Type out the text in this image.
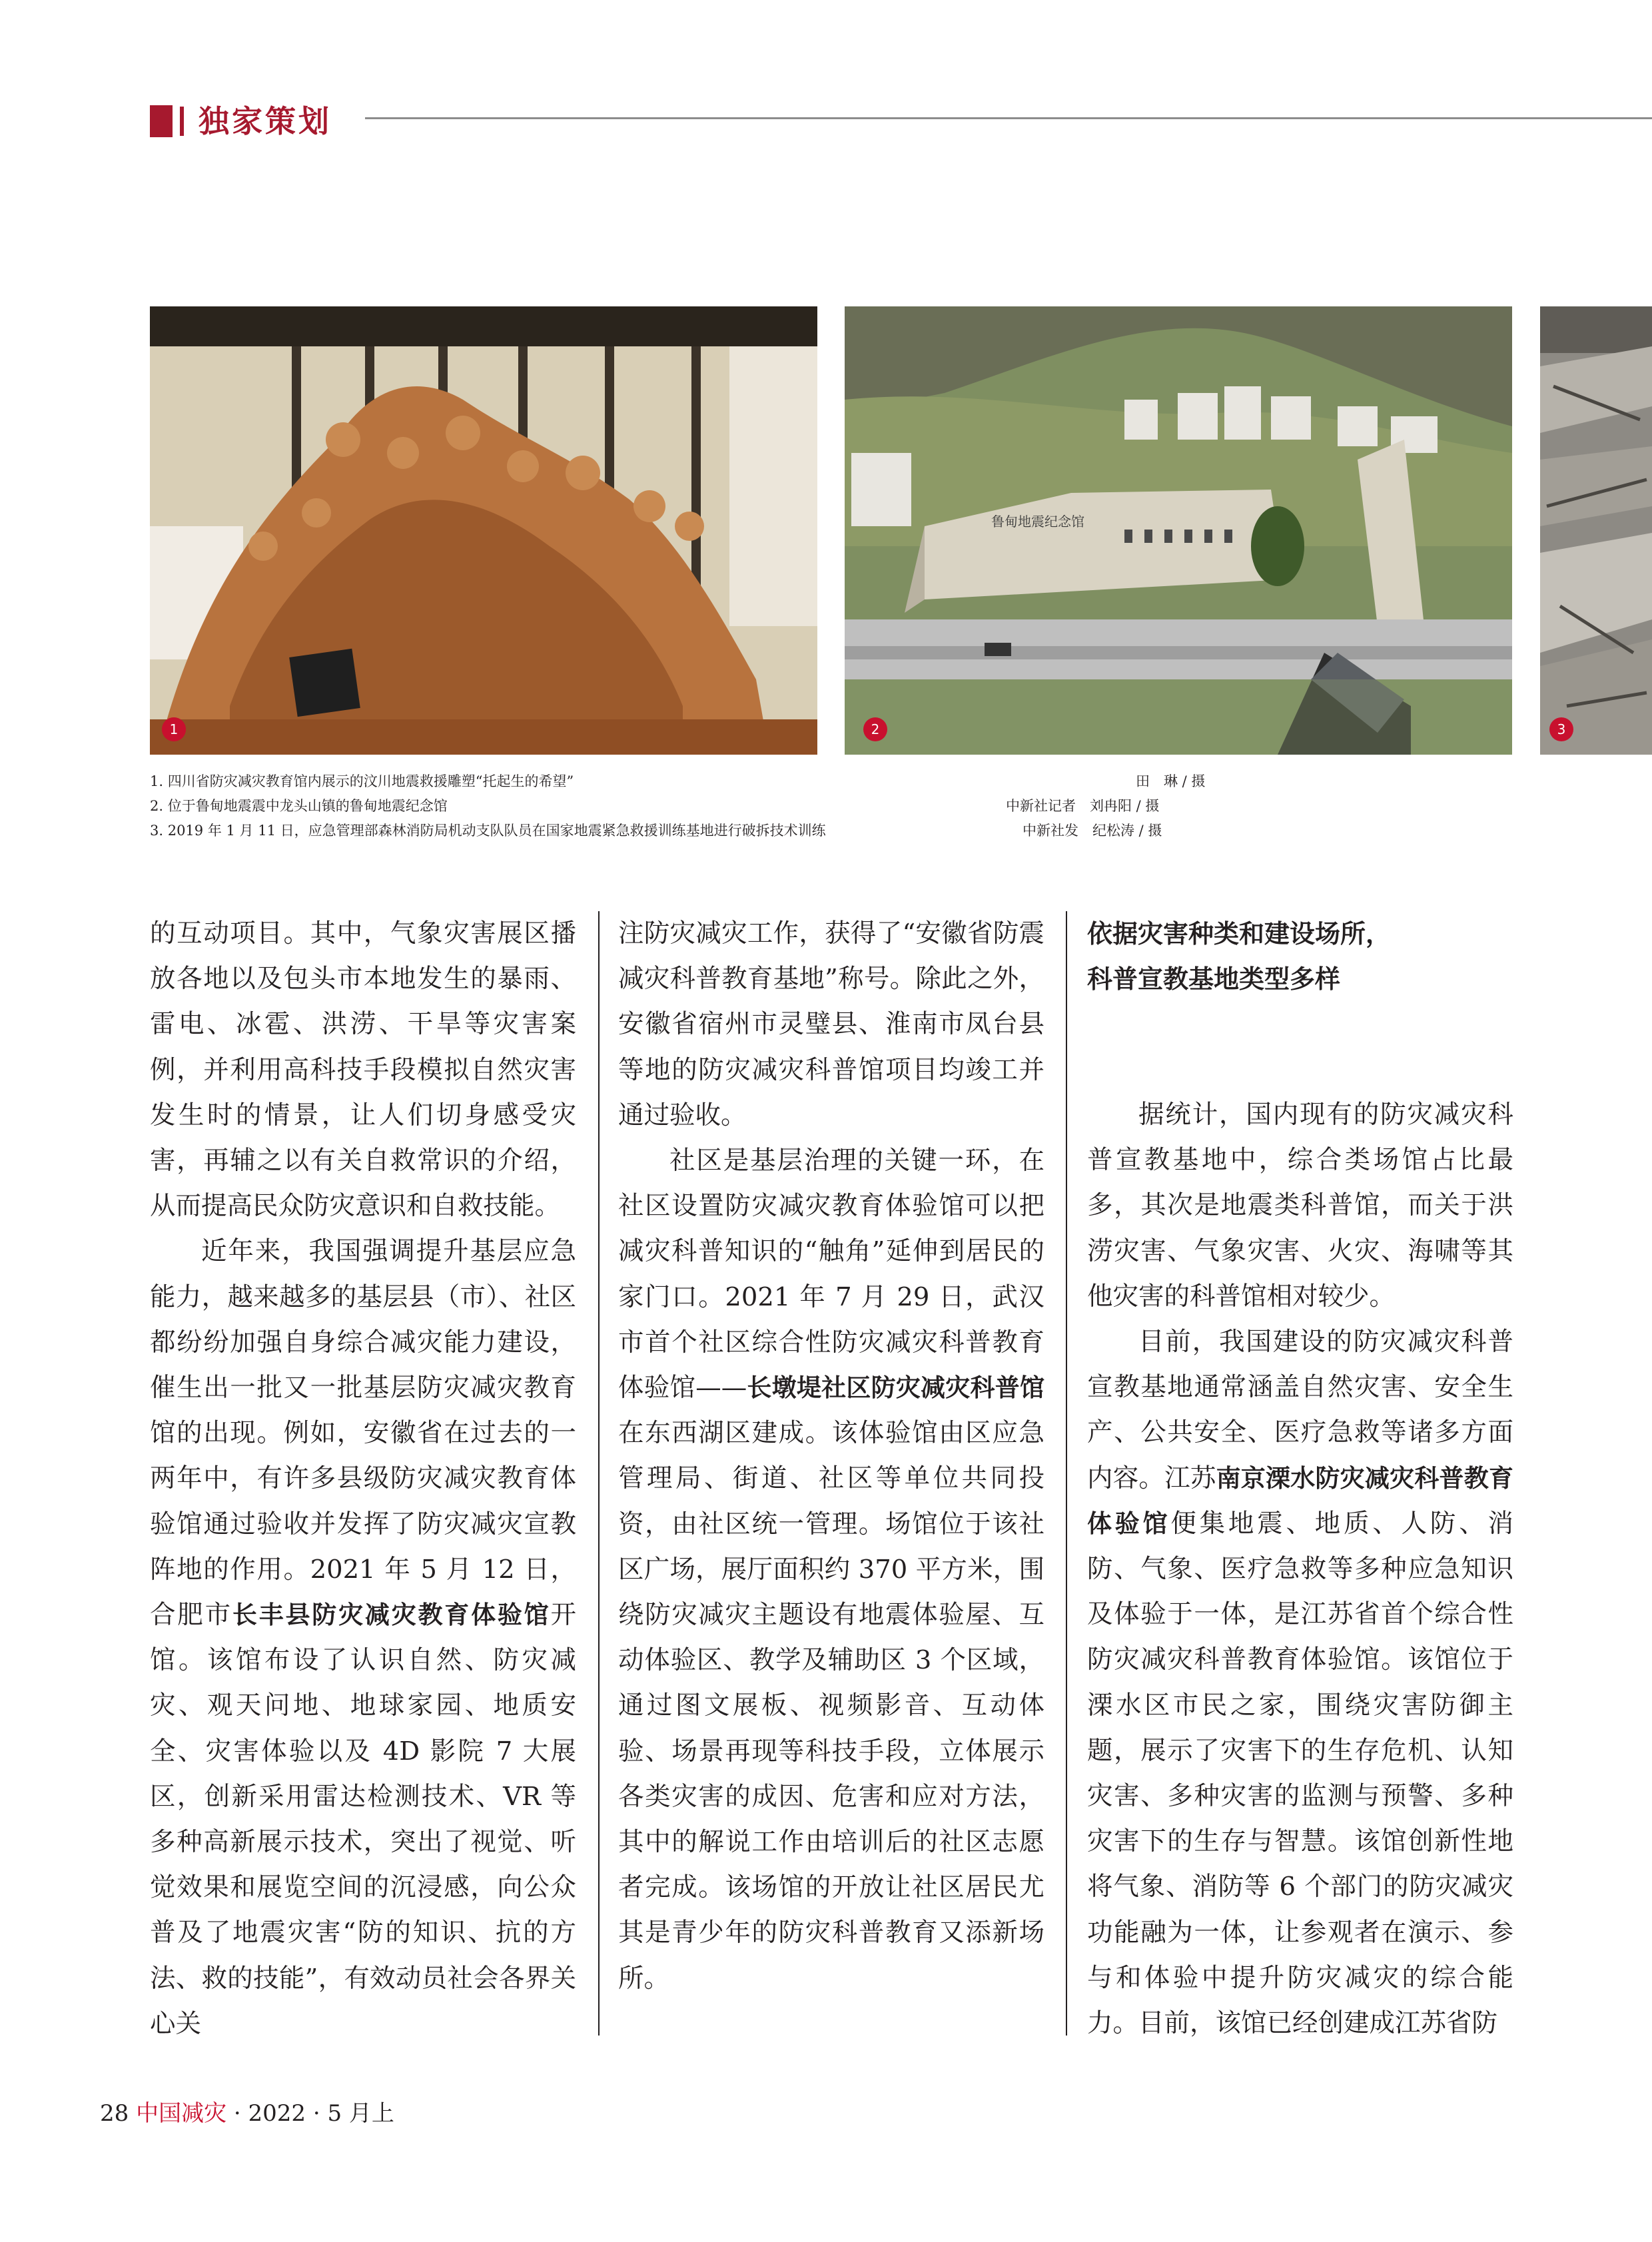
独家策划
1
鲁甸地震纪念馆
2	3
1. 四川省防灾减灾教育馆内展示的汶川地震救援雕塑“托起生的希望”	田　琳 / 摄
2. 位于鲁甸地震震中龙头山镇的鲁甸地震纪念馆	中新社记者　刘冉阳 / 摄
3. 2019 年 1 月 11 日，应急管理部森林消防局机动支队队员在国家地震紧急救援训练基地进行破拆技术训练	中新社发　纪松涛 / 摄

的互动项目。其中，气象灾害展区播放各地以及包头市本地发生的暴雨、雷电、冰雹、洪涝、干旱等灾害案例，并利用高科技手段模拟自然灾害发生时的情景，让人们切身感受灾害，再辅之以有关自救常识的介绍，从而提高民众防灾意识和自救技能。

近年来，我国强调提升基层应急能力，越来越多的基层县（市）、社区都纷纷加强自身综合减灾能力建设，催生出一批又一批基层防灾减灾教育馆的出现。例如，安徽省在过去的一两年中，有许多县级防灾减灾教育体验馆通过验收并发挥了防灾减灾宣教阵地的作用。2021 年 5 月 12 日，合肥市长丰县防灾减灾教育体验馆开馆。该馆布设了认识自然、防灾减灾、观天问地、地球家园、地质安全、灾害体验以及 4D 影院 7 大展区，创新采用雷达检测技术、VR 等多种高新展示技术，突出了视觉、听觉效果和展览空间的沉浸感，向公众普及了地震灾害“防的知识、抗的方法、救的技能”，有效动员社会各界关心关

注防灾减灾工作，获得了“安徽省防震减灾科普教育基地”称号。除此之外，安徽省宿州市灵璧县、淮南市凤台县等地的防灾减灾科普馆项目均竣工并通过验收。

社区是基层治理的关键一环，在社区设置防灾减灾教育体验馆可以把减灾科普知识的“触角”延伸到居民的家门口。2021 年 7 月 29 日，武汉市首个社区综合性防灾减灾科普教育体验馆——长墩堤社区防灾减灾科普馆在东西湖区建成。该体验馆由区应急管理局、街道、社区等单位共同投资，由社区统一管理。场馆位于该社区广场，展厅面积约 370 平方米，围绕防灾减灾主题设有地震体验屋、互动体验区、教学及辅助区 3 个区域，通过图文展板、视频影音、互动体验、场景再现等科技手段，立体展示各类灾害的成因、危害和应对方法，其中的解说工作由培训后的社区志愿者完成。该场馆的开放让社区居民尤其是青少年的防灾科普教育又添新场所。

依据灾害种类和建设场所，
科普宣教基地类型多样

据统计，国内现有的防灾减灾科普宣教基地中，综合类场馆占比最多，其次是地震类科普馆，而关于洪涝灾害、气象灾害、火灾、海啸等其他灾害的科普馆相对较少。

目前，我国建设的防灾减灾科普宣教基地通常涵盖自然灾害、安全生产、公共安全、医疗急救等诸多方面内容。江苏南京溧水防灾减灾科普教育体验馆便集地震、地质、人防、消防、气象、医疗急救等多种应急知识及体验于一体，是江苏省首个综合性防灾减灾科普教育体验馆。该馆位于溧水区市民之家，围绕灾害防御主题，展示了灾害下的生存危机、认知灾害、多种灾害的监测与预警、多种灾害下的生存与智慧。该馆创新性地将气象、消防等 6 个部门的防灾减灾功能融为一体，让参观者在演示、参与和体验中提升防灾减灾的综合能力。目前，该馆已经创建成江苏省防

28 中国减灾 · 2022 · 5 月上
